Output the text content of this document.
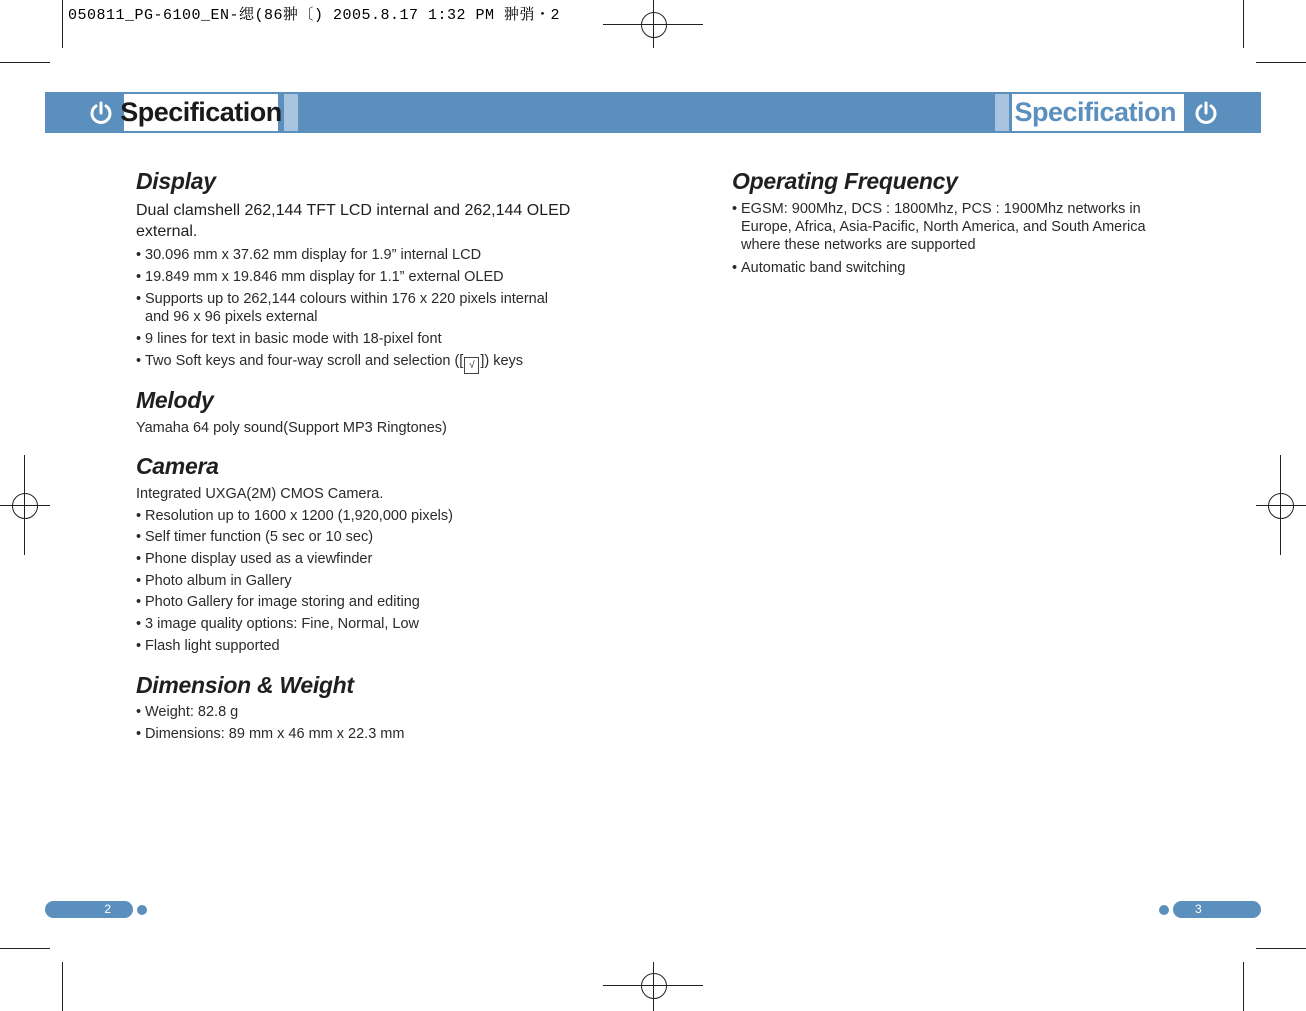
050811_PG-6100_EN-缌(86翀〔) 2005.8.17 1:32 PM 翀弰・2
Specification	Specification
Display
Dual clamshell 262,144 TFT LCD internal and 262,144 OLED external.
• 30.096 mm x 37.62 mm display for 1.9” internal LCD
• 19.849 mm x 19.846 mm display for 1.1” external OLED
• Supports up to 262,144 colours within 176 x 220 pixels internal and 96 x 96 pixels external
• 9 lines for text in basic mode with 18-pixel font
• Two Soft keys and four-way scroll and selection ([ √ ]) keys
Melody
Yamaha 64 poly sound(Support MP3 Ringtones)
Camera
Integrated UXGA(2M) CMOS Camera.
• Resolution up to 1600 x 1200 (1,920,000 pixels)
• Self timer function (5 sec or 10 sec)
• Phone display used as a viewfinder
• Photo album in Gallery
• Photo Gallery for image storing and editing
• 3 image quality options: Fine, Normal, Low
• Flash light supported
Dimension & Weight
• Weight: 82.8 g
• Dimensions: 89 mm x 46 mm x 22.3 mm
Operating Frequency
• EGSM: 900Mhz, DCS : 1800Mhz, PCS : 1900Mhz networks in Europe, Africa, Asia-Pacific, North America, and South America where these networks are supported
• Automatic band switching
2	3
